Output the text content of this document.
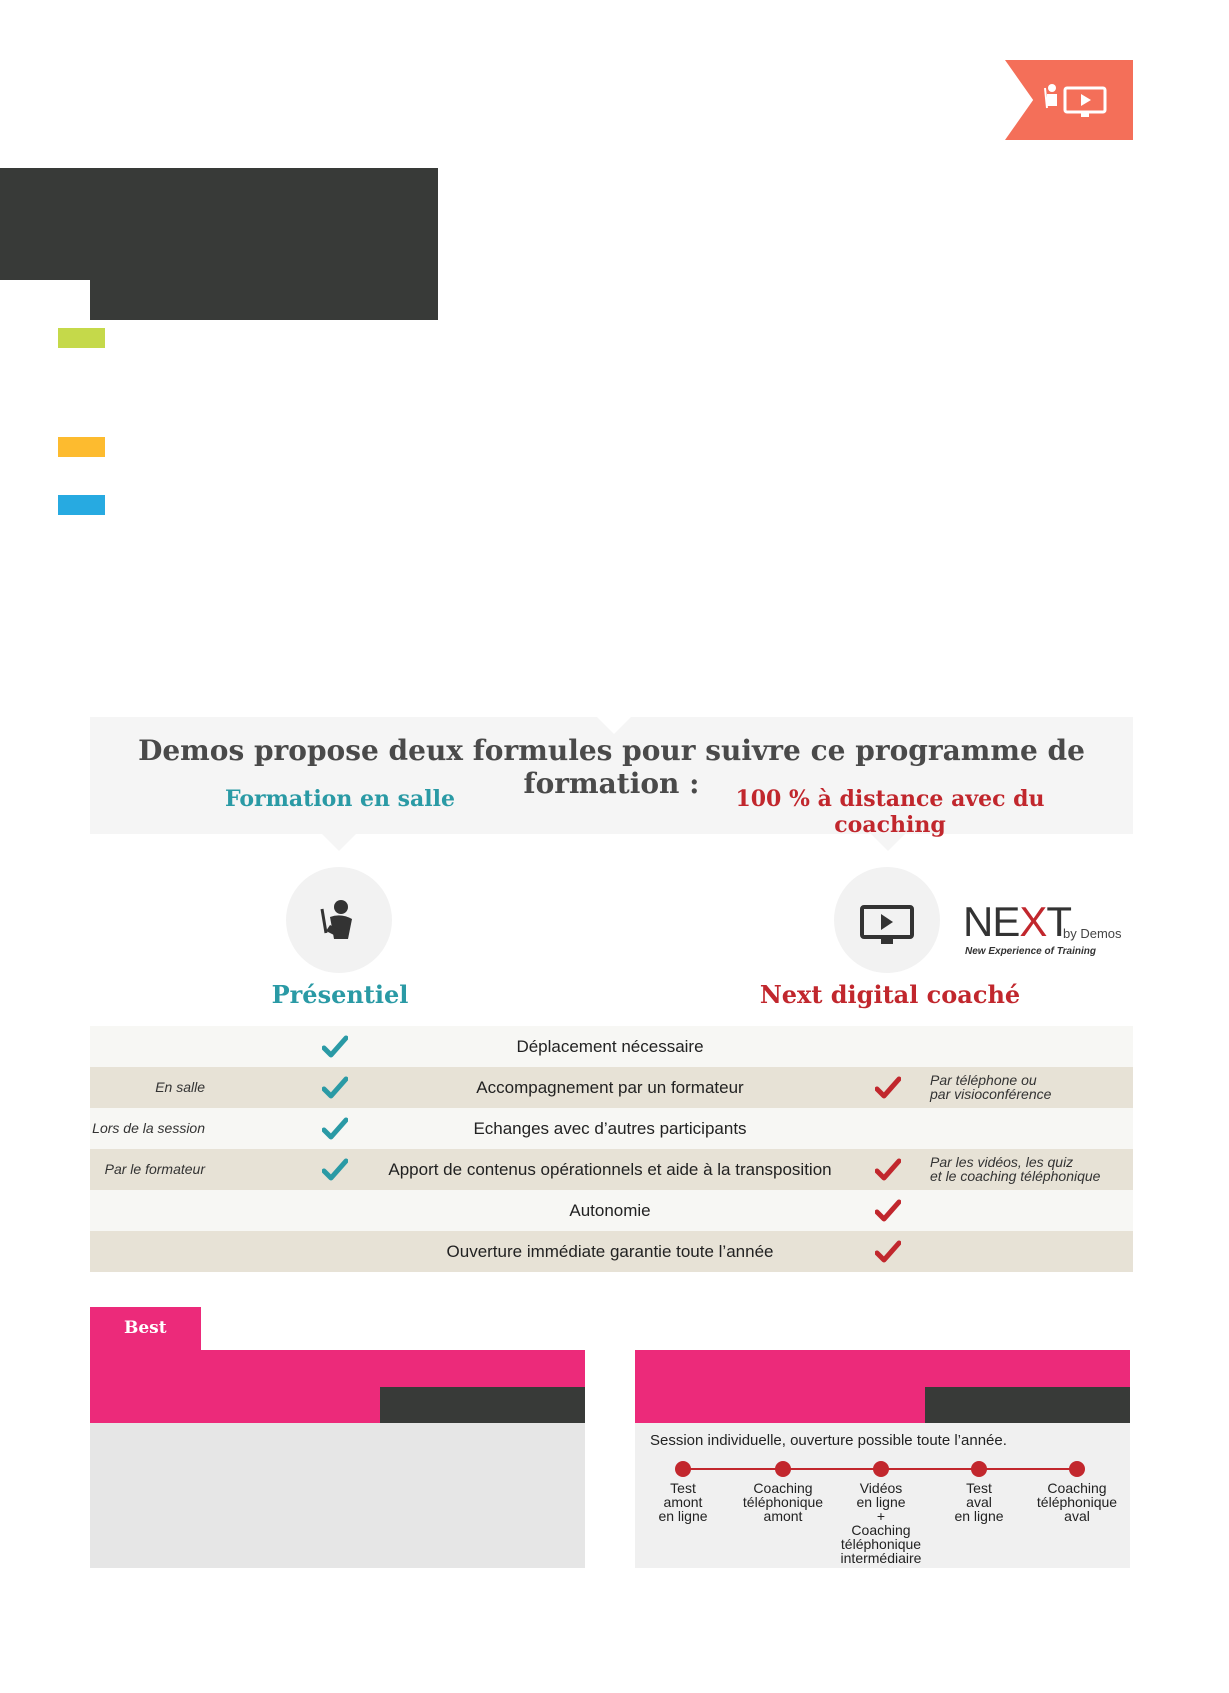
Demos propose deux formules pour suivre ce programme de formation :
Formation en salle	100 % à distance avec du coaching
NEXT
by Demos
New Experience of Training
Présentiel	Next digital coaché
Déplacement nécessaire
En salle	Accompagnement par un formateur	Par téléphone ou
par visioconférence
Lors de la session	Echanges avec d’autres participants
Par le formateur	Apport de contenus opérationnels et aide à la transposition	Par les vidéos, les quiz
et le coaching téléphonique
Autonomie
Ouverture immédiate garantie toute l’année
Best
Session individuelle, ouverture possible toute l’année.
Test
amont
en ligne
Coaching
téléphonique
amont
Vidéos
en ligne
+
Coaching
téléphonique
intermédiaire
Test
aval
en ligne
Coaching
téléphonique
aval
